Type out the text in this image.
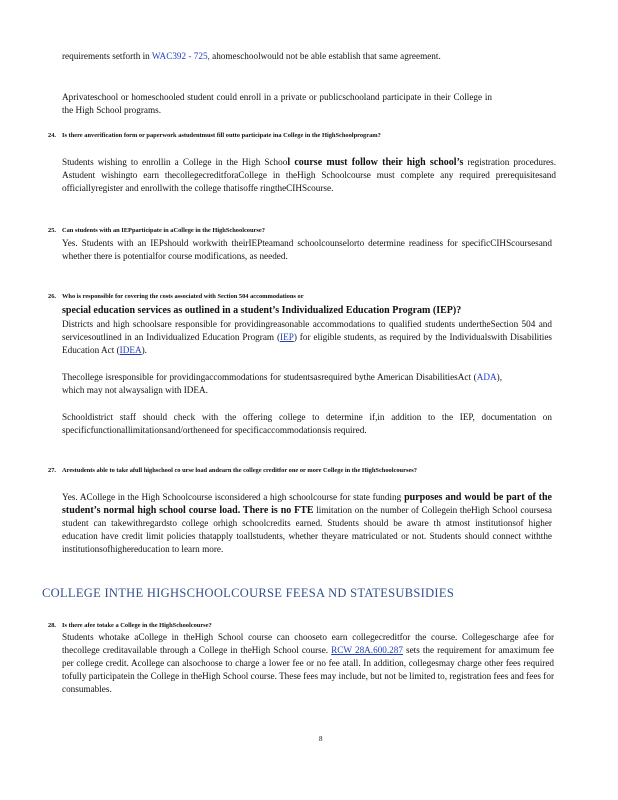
requirements setforth in WAC392 - 725, ahomeschoolwould not be able establish that same agreement.
Aprivateschool or homeschooled student could enroll in a private or publicschooland participate in their College in the High School programs.
24. Is there anverification form or paperwork astudentmust fill outto participate ina College in the HighSchoolprogram?
Students wishing to enrollin a College in the High School course must follow their high school’s registration procedures. Astudent wishingto earn thecollegecreditforaCollege in theHigh Schoolcourse must complete any required prerequisitesand officiallyregister and enrollwith the college thatisoffe ringtheCIHScourse.
25. Can students with an IEPparticipate in aCollege in the HighSchoolcourse?
Yes. Students with an IEPshould workwith theirIEPteamand schoolcounselorto determine readiness for specificCIHScoursesand whether there is potentialfor course modifications, as needed.
26. Who is responsible for covering the costs associated with Section 504 accommodations or
special education services as outlined in a student’s Individualized Education Program (IEP)?
Districts and high schoolsare responsible for providingreasonable accommodations to qualified students undertheSection 504 and servicesoutlined in an Individualized Education Program (IEP) for eligible students, as required by the Individualswith Disabilities Education Act (IDEA).
Thecollege isresponsible for providingaccommodations for studentsasrequired bythe American DisabilitiesAct (ADA), which may not alwaysalign with IDEA.
Schooldistrict staff should check with the offering college to determine if,in addition to the IEP, documentation on specificfunctionallimitationsand/ortheneed for specificaccommodationsis required.
27. Arestudents able to take afull highschool co urse load andearn the college creditfor one or more College in the HighSchoolcourses?
Yes. ACollege in the High Schoolcourse isconsidered a high schoolcourse for state funding purposes and would be part of the student’s normal high school course load. There is no FTE limitation on the number of Collegein theHigh School coursesa student can takewithregardsto college orhigh schoolcredits earned. Students should be aware th atmost institutionsof higher education have credit limit policies thatapply toallstudents, whether theyare matriculated or not. Students should connect withthe institutionsofhighereducation to learn more.
COLLEGE INTHE HIGHSCHOOLCOURSE FEESA ND STATESUBSIDIES
28. Is there afee totake a College in the HighSchoolcourse?
Students whotake aCollege in theHigh School course can chooseto earn collegecreditfor the course. Collegescharge afee for thecollege creditavailable through a College in theHigh School course. RCW 28A.600.287 sets the requirement for amaximum fee per college credit. Acollege can alsochoose to charge a lower fee or no fee atall. In addition, collegesmay charge other fees required tofully participatein the College in theHigh School course. These fees may include, but not be limited to, registration fees and fees for consumables.
8
